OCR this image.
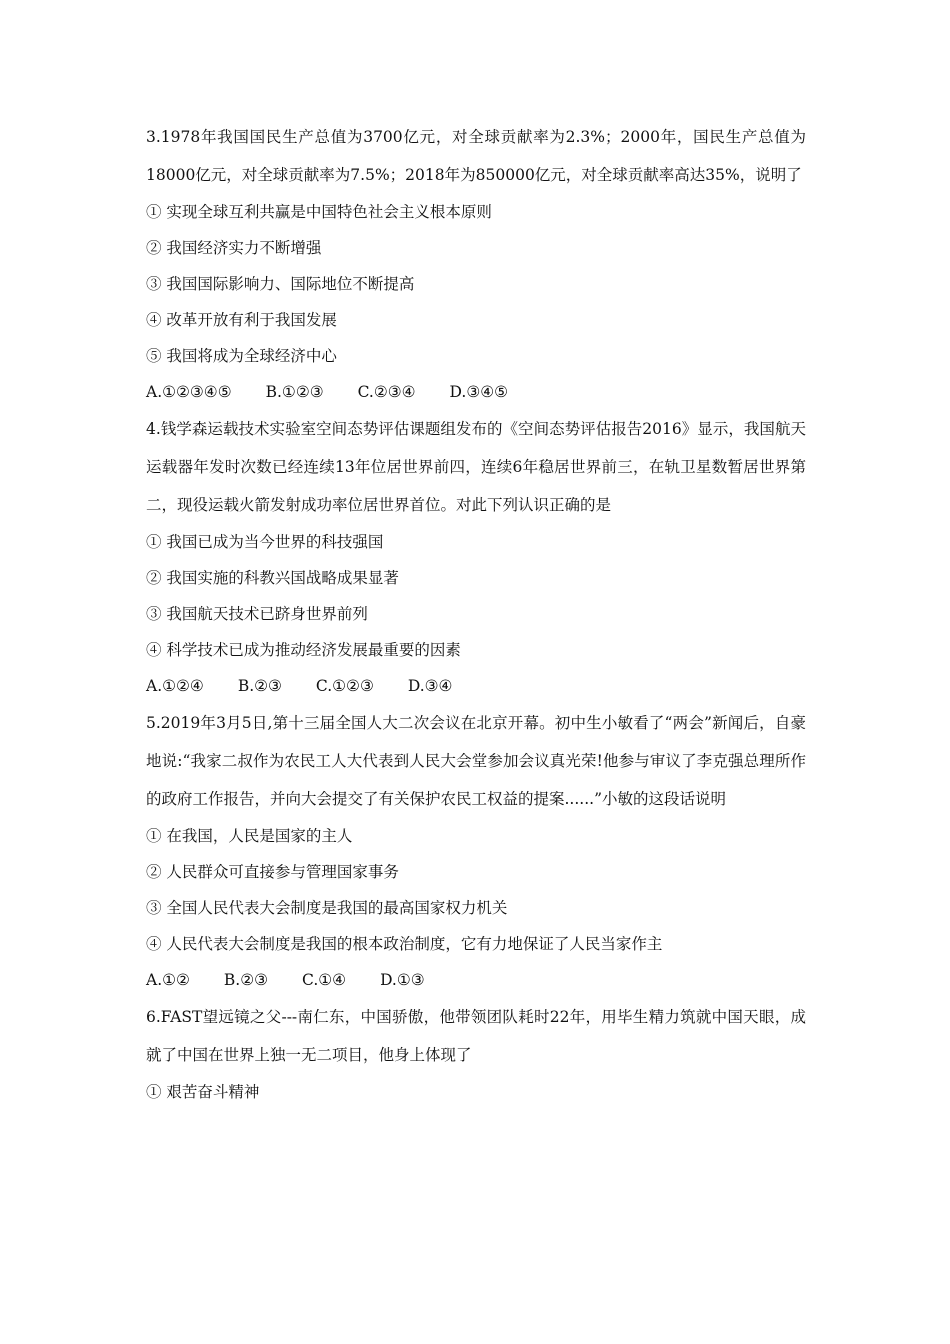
3.1978年我国国民生产总值为3700亿元，对全球贡献率为2.3%；2000年，国民生产总值为18000亿元，对全球贡献率为7.5%；2018年为850000亿元，对全球贡献率高达35%，说明了

① 实现全球互利共赢是中国特色社会主义根本原则

② 我国经济实力不断增强

③ 我国国际影响力、国际地位不断提高

④ 改革开放有利于我国发展

⑤ 我国将成为全球经济中心

A.①②③④⑤ B.①②③ C.②③④ D.③④⑤

4.钱学森运载技术实验室空间态势评估课题组发布的《空间态势评估报告2016》显示，我国航天运载器年发时次数已经连续13年位居世界前四，连续6年稳居世界前三，在轨卫星数暂居世界第二，现役运载火箭发射成功率位居世界首位。对此下列认识正确的是

① 我国已成为当今世界的科技强国

② 我国实施的科教兴国战略成果显著

③ 我国航天技术已跻身世界前列

④ 科学技术已成为推动经济发展最重要的因素

A.①②④ B.②③ C.①②③ D.③④

5.2019年3月5日,第十三届全国人大二次会议在北京开幕。初中生小敏看了“两会”新闻后，自豪地说:“我家二叔作为农民工人大代表到人民大会堂参加会议真光荣!他参与审议了李克强总理所作的政府工作报告，并向大会提交了有关保护农民工权益的提案......”小敏的这段话说明

① 在我国，人民是国家的主人

② 人民群众可直接参与管理国家事务

③ 全国人民代表大会制度是我国的最高国家权力机关

④ 人民代表大会制度是我国的根本政治制度，它有力地保证了人民当家作主

A.①② B.②③ C.①④ D.①③

6.FAST望远镜之父---南仁东，中国骄傲，他带领团队耗时22年，用毕生精力筑就中国天眼，成就了中国在世界上独一无二项目，他身上体现了

① 艰苦奋斗精神
